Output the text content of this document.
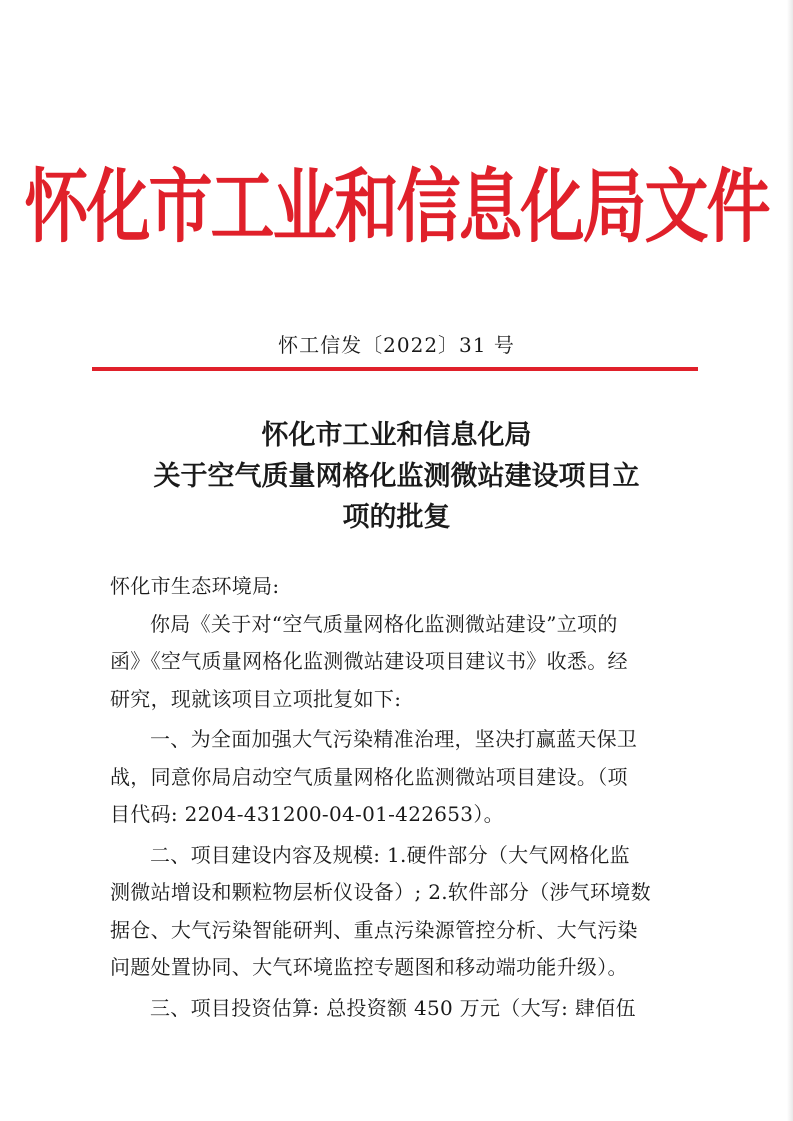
怀化市工业和信息化局文件
怀工信发〔2022〕31 号
怀化市工业和信息化局
关于空气质量网格化监测微站建设项目立
项的批复
怀化市生态环境局:
你局《关于对“空气质量网格化监测微站建设”立项的
函》《空气质量网格化监测微站建设项目建议书》收悉。经
研究，现就该项目立项批复如下:
一、为全面加强大气污染精准治理，坚决打赢蓝天保卫
战，同意你局启动空气质量网格化监测微站项目建设。（项
目代码: 2204-431200-04-01-422653）。
二、项目建设内容及规模: 1.硬件部分（大气网格化监
测微站增设和颗粒物层析仪设备）; 2.软件部分（涉气环境数
据仓、大气污染智能研判、重点污染源管控分析、大气污染
问题处置协同、大气环境监控专题图和移动端功能升级）。
三、项目投资估算: 总投资额 450 万元（大写: 肆佰伍
